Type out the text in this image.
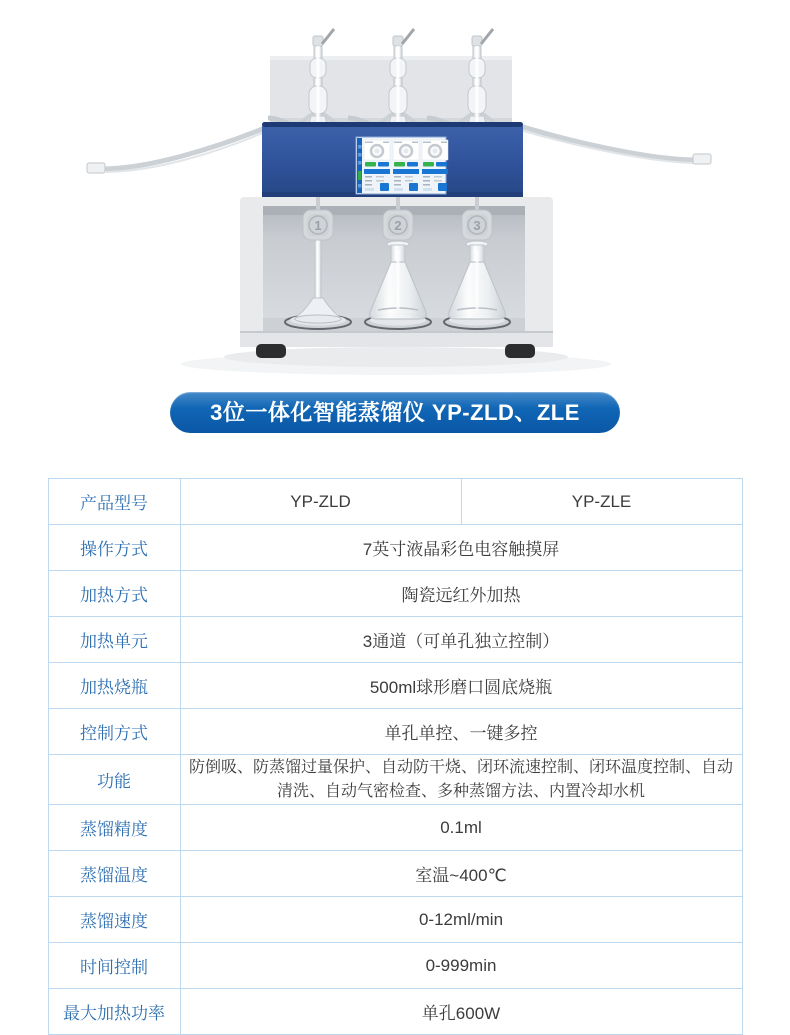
1	2	3
3位一体化智能蒸馏仪 YP-ZLD、ZLE
产品型号	YP-ZLD	YP-ZLE
操作方式	7英寸液晶彩色电容触摸屏	
加热方式	陶瓷远红外加热	
加热单元	3通道（可单孔独立控制）	
加热烧瓶	500ml球形磨口圆底烧瓶	
控制方式	单孔单控、一键多控	
功能	防倒吸、防蒸馏过量保护、自动防干烧、闭环流速控制、闭环温度控制、自动清洗、自动气密检查、多种蒸馏方法、内置冷却水机	
蒸馏精度	0.1ml	
蒸馏温度	室温~400℃	
蒸馏速度	0-12ml/min	
时间控制	0-999min	
最大加热功率	单孔600W	
